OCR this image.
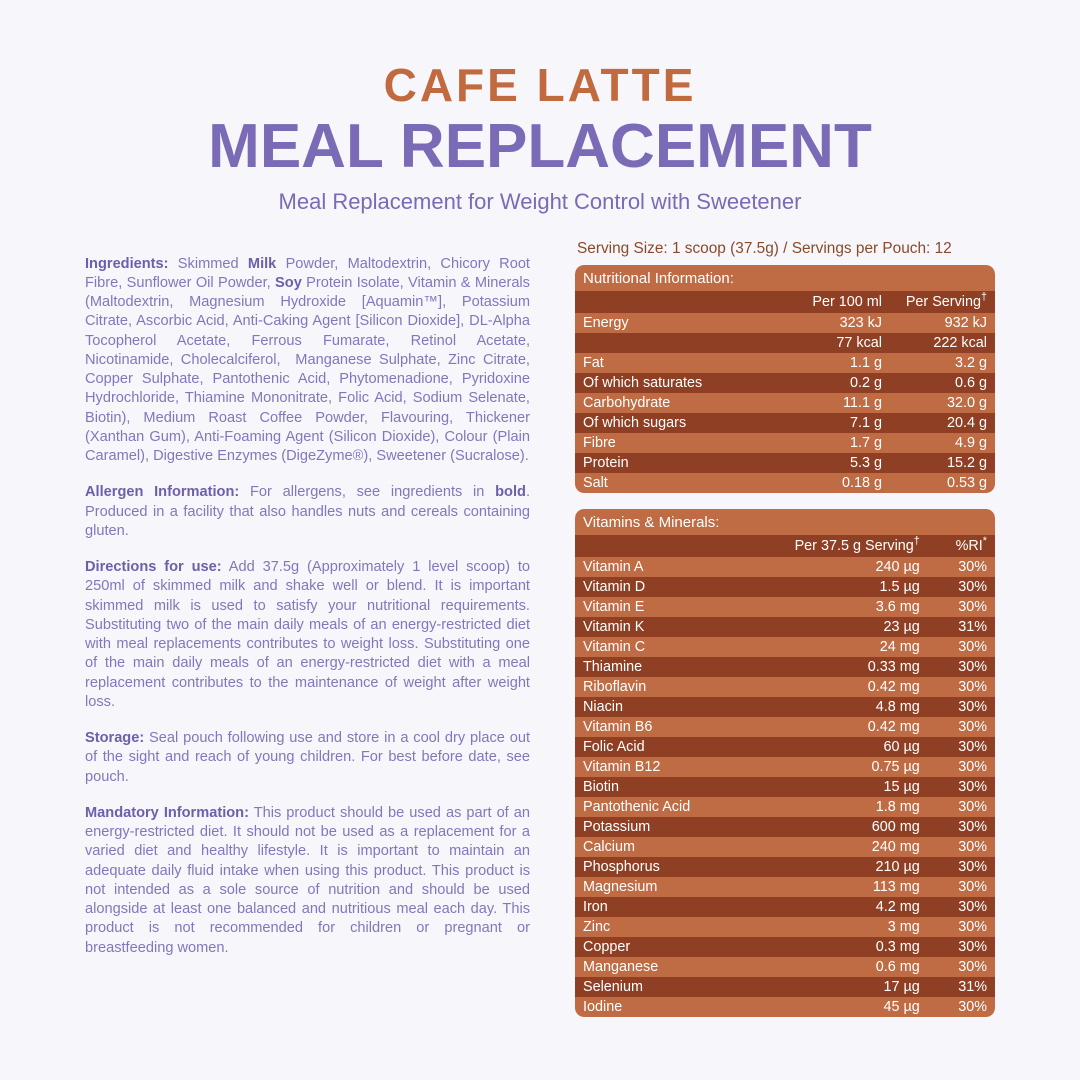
CAFE LATTE
MEAL REPLACEMENT
Meal Replacement for Weight Control with Sweetener

Ingredients: Skimmed Milk Powder, Maltodextrin, Chicory Root Fibre, Sunflower Oil Powder, Soy Protein Isolate, Vitamin & Minerals (Maltodextrin, Magnesium Hydroxide [Aquamin™], Potassium Citrate, Ascorbic Acid, Anti-Caking Agent [Silicon Dioxide], DL-Alpha Tocopherol Acetate, Ferrous Fumarate, Retinol Acetate, Nicotinamide, Cholecalciferol,  Manganese Sulphate, Zinc Citrate, Copper Sulphate, Pantothenic Acid, Phytomenadione, Pyridoxine Hydrochloride, Thiamine Mononitrate, Folic Acid, Sodium Selenate, Biotin), Medium Roast Coffee Powder, Flavouring, Thickener (Xanthan Gum), Anti-Foaming Agent (Silicon Dioxide), Colour (Plain Caramel), Digestive Enzymes (DigeZyme®), Sweetener (Sucralose).

Allergen Information: For allergens, see ingredients in bold. Produced in a facility that also handles nuts and cereals containing gluten.

Directions for use: Add 37.5g (Approximately 1 level scoop) to 250ml of skimmed milk and shake well or blend. It is important skimmed milk is used to satisfy your nutritional requirements. Substituting two of the main daily meals of an energy-restricted diet with meal replacements contributes to weight loss. Substituting one of the main daily meals of an energy-restricted diet with a meal replacement contributes to the maintenance of weight after weight loss.

Storage: Seal pouch following use and store in a cool dry place out of the sight and reach of young children. For best before date, see pouch.

Mandatory Information: This product should be used as part of an energy-restricted diet. It should not be used as a replacement for a varied diet and healthy lifestyle. It is important to maintain an adequate daily fluid intake when using this product. This product is not intended as a sole source of nutrition and should be used alongside at least one balanced and nutritious meal each day. This product is not recommended for children or pregnant or breastfeeding women.

Serving Size: 1 scoop (37.5g) / Servings per Pouch: 12
Nutritional Information:		
	Per 100 ml	Per Serving†
Energy	323 kJ	932 kJ
	77 kcal	222 kcal
Fat	1.1 g	3.2 g
Of which saturates	0.2 g	0.6 g
Carbohydrate	11.1 g	32.0 g
Of which sugars	7.1 g	20.4 g
Fibre	1.7 g	4.9 g
Protein	5.3 g	15.2 g
Salt	0.18 g	0.53 g
Vitamins & Minerals:		
	Per 37.5 g Serving†	%RI*
Vitamin A	240 µg	30%
Vitamin D	1.5 µg	30%
Vitamin E	3.6 mg	30%
Vitamin K	23 µg	31%
Vitamin C	24 mg	30%
Thiamine	0.33 mg	30%
Riboflavin	0.42 mg	30%
Niacin	4.8 mg	30%
Vitamin B6	0.42 mg	30%
Folic Acid	60 µg	30%
Vitamin B12	0.75 µg	30%
Biotin	15 µg	30%
Pantothenic Acid	1.8 mg	30%
Potassium	600 mg	30%
Calcium	240 mg	30%
Phosphorus	210 µg	30%
Magnesium	113 mg	30%
Iron	4.2 mg	30%
Zinc	3 mg	30%
Copper	0.3 mg	30%
Manganese	0.6 mg	30%
Selenium	17 µg	31%
Iodine	45 µg	30%
